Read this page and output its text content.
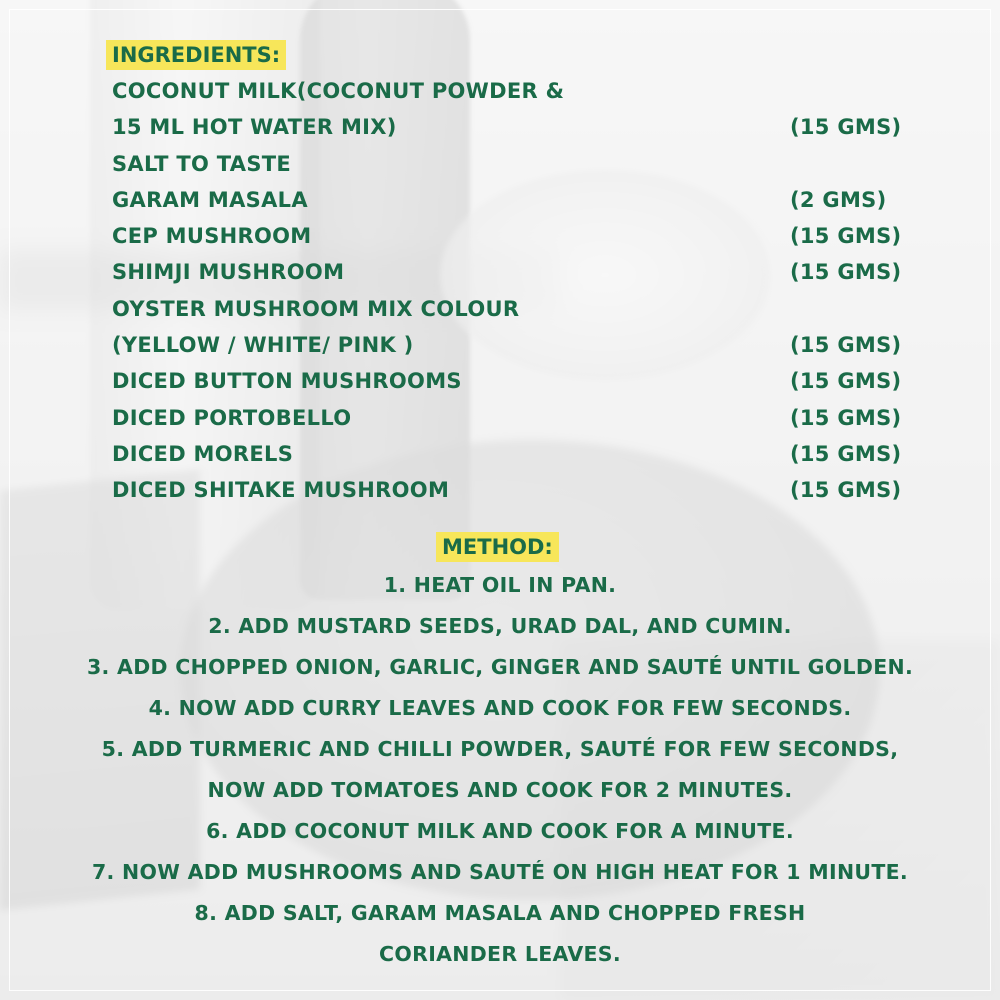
INGREDIENTS:
COCONUT MILK(COCONUT POWDER &
15 ML HOT WATER MIX)	(15 GMS)
SALT TO TASTE
GARAM MASALA	(2 GMS)
CEP MUSHROOM	(15 GMS)
SHIMJI MUSHROOM	(15 GMS)
OYSTER MUSHROOM MIX COLOUR
(YELLOW / WHITE/ PINK )	(15 GMS)
DICED BUTTON MUSHROOMS	(15 GMS)
DICED PORTOBELLO	(15 GMS)
DICED MORELS	(15 GMS)
DICED SHITAKE MUSHROOM	(15 GMS)
METHOD:
1. HEAT OIL IN PAN.
2. ADD MUSTARD SEEDS, URAD DAL, AND CUMIN.
3. ADD CHOPPED ONION, GARLIC, GINGER AND SAUTÉ UNTIL GOLDEN.
4. NOW ADD CURRY LEAVES AND COOK FOR FEW SECONDS.
5. ADD TURMERIC AND CHILLI POWDER, SAUTÉ FOR FEW SECONDS,
NOW ADD TOMATOES AND COOK FOR 2 MINUTES.
6. ADD COCONUT MILK AND COOK FOR A MINUTE.
7. NOW ADD MUSHROOMS AND SAUTÉ ON HIGH HEAT FOR 1 MINUTE.
8. ADD SALT, GARAM MASALA AND CHOPPED FRESH
CORIANDER LEAVES.
